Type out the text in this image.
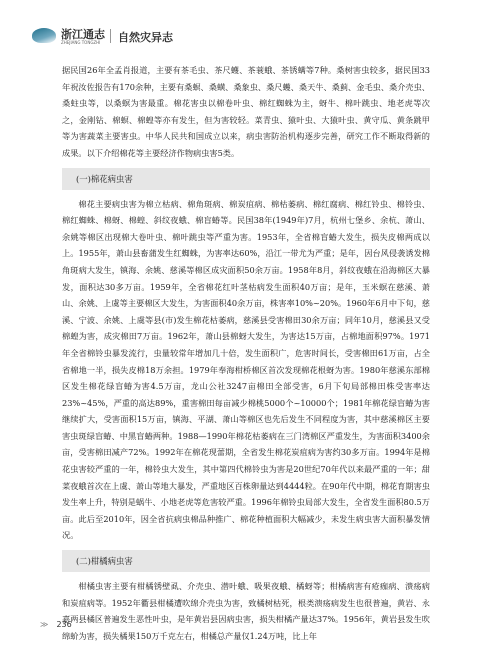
浙江通志
ZHEJIANG TONGZHI 自然灾异志

据民国26年全孟肖报道，主要有茶毛虫、茶尺蠖、茶蓑蛾、茶锈螨等7种。桑树害虫较多，据民国33年祝汝佐报告有170余种，主要有桑螟、桑蟥、桑象虫、桑尺蠖、桑天牛、桑蓟、金毛虫、桑介壳虫、桑蛀虫等，以桑螟为害最重。棉花害虫以棉卷叶虫、棉红蜘蛛为主，蚜牛、棉叶跳虫、地老虎等次之，金刚钻、棉螟、棉蝗等亦有发生，但为害较轻。菜青虫、猿叶虫、大猿叶虫、黄守瓜、黄条跳甲等为害蔬菜主要害虫。中华人民共和国成立以来，病虫害防治机构逐步完善，研究工作不断取得新的成果。以下介绍棉花等主要经济作物病虫害5类。

(一)棉花病虫害

棉花主要病虫害为棉立枯病、棉角斑病、棉炭疽病、棉枯萎病、棉红腐病、棉红铃虫、棉铃虫、棉红蜘蛛、棉蚜、棉蝗、斜纹夜蛾、棉盲蝽等。民国38年(1949年)7月，杭州七堡乡、余杭、萧山、余姚等棉区出现棉大卷叶虫、棉叶跳虫等严重为害。1953年，全省棉盲蝽大发生，损失皮棉两成以上。1955年，萧山县畜蒲发生红蜘蛛，为害率达60%，沿江一带尤为严重；是年，因台风侵袭诱发棉角斑病大发生，镇海、余姚、慈溪等棉区成灾面积50余万亩。1958年8月，斜纹夜蛾在沿海棉区大暴发，面积达30多万亩。1959年，全省棉花红叶茎枯病发生面积40万亩；是年，玉米螟在慈溪、萧山、余姚、上虞等主要棉区大发生，为害面积40余万亩，株害率10%~20%。1960年6月中下旬，慈溪、宁波、余姚、上虞等县(市)发生棉花枯萎病，慈溪县受害棉田30余万亩；同年10月，慈溪县又受棉蝗为害，成灾棉田7万亩。1962年，萧山县棉蚜大发生，为害达15万亩，占棉地面积97%。1971年全省棉铃虫暴发流行，虫量较常年增加几十倍，发生面积广，危害时间长，受害棉田61万亩，占全省棉地一半，损失皮棉18万余担。1979年奉海柑桥棉区首次发现棉花根蚜为害。1980年慈溪东部棉区发生棉花绿盲蝽为害4.5万亩，龙山公社3247亩棉田全部受害，6月下旬局部棉田株受害率达23%~45%，严重的高达89%，重害棉田每亩减少棉桃5000个~10000个；1981年棉花绿盲蝽为害继续扩大，受害面积15万亩，镇海、平湖、萧山等棉区也先后发生不同程度为害，其中慈溪棉区主要害虫斑绿盲蝽、中黑盲蝽两种。1988—1990年棉花枯萎病在三门湾棉区严重发生，为害面积3400余亩，受害棉田减产72%。1992年在棉花现蕾期，全省发生棉花炭疽病为害约30多万亩。1994年是棉花虫害较严重的一年，棉铃虫大发生，其中第四代棉铃虫为害是20世纪70年代以来最严重的一年；甜菜夜蛾首次在上虞、萧山等地大暴发，严重地区百株卵量达到4444粒。在90年代中期，棉花育期害虫发生率上升，特别是蜗牛、小地老虎等危害较严重。1996年棉铃虫局部大发生，全省发生面积80.5万亩。此后至2010年，因全省抗病虫棉品种推广、棉花种植面积大幅减少，未发生病虫害大面积暴发情况。

(二)柑橘病虫害

柑橘虫害主要有柑橘锈壁虱、介壳虫、潜叶蛾、吸果夜蛾、橘蚜等；柑橘病害有疮痂病、溃疡病和炭疽病等。1952年衢县柑橘遭吹绵介壳虫为害，致橘树枯死，根类溃疡病发生也很普遍，黄岩、永嘉两县橘区普遍发生恶性叶虫，是年黄岩县因病虫害，损失柑橘产量达37%。1956年，黄岩县发生吹绵蚧为害，损失橘果150万千克左右，柑橘总产量仅1.24万吨，比上年

≫ 236
